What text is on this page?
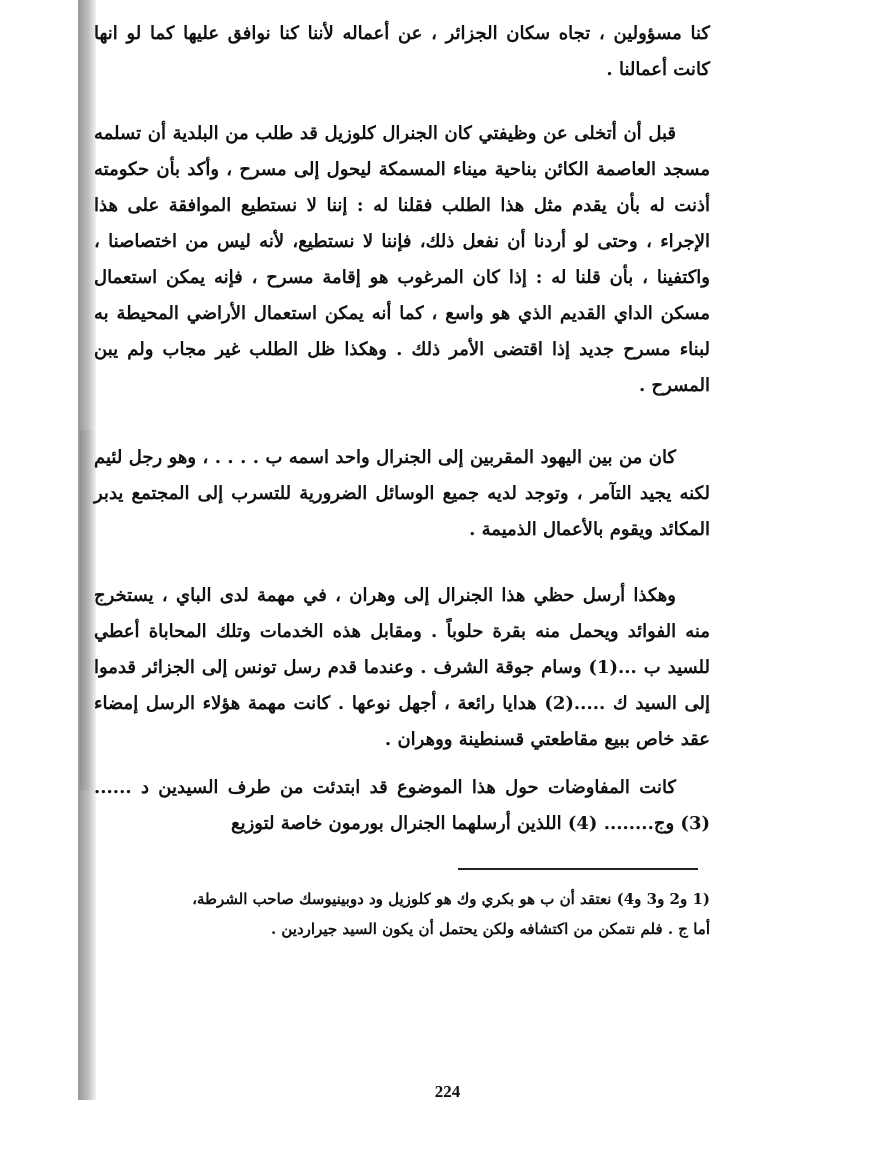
كنا مسؤولين ، تجاه سكان الجزائر ، عن أعماله لأننا كنا نوافق عليها كما لو انها كانت أعمالنا .

قبل أن أتخلى عن وظيفتي كان الجنرال كلوزيل قد طلب من البلدية أن تسلمه مسجد العاصمة الكائن بناحية ميناء المسمكة ليحول إلى مسرح ، وأكد بأن حكومته أذنت له بأن يقدم مثل هذا الطلب فقلنا له : إننا لا نستطيع الموافقة على هذا الإجراء ، وحتى لو أردنا أن نفعل ذلك، فإننا لا نستطيع، لأنه ليس من اختصاصنا ، واكتفينا ، بأن قلنا له : إذا كان المرغوب هو إقامة مسرح ، فإنه يمكن استعمال مسكن الداي القديم الذي هو واسع ، كما أنه يمكن استعمال الأراضي المحيطة به لبناء مسرح جديد إذا اقتضى الأمر ذلك . وهكذا ظل الطلب غير مجاب ولم يبن المسرح .

كان من بين اليهود المقربين إلى الجنرال واحد اسمه ب . . . . ، وهو رجل لئيم لكنه يجيد التآمر ، وتوجد لديه جميع الوسائل الضرورية للتسرب إلى المجتمع يدبر المكائد ويقوم بالأعمال الذميمة .

وهكذا أرسل حظي هذا الجنرال إلى وهران ، في مهمة لدى الباي ، يستخرج منه الفوائد ويحمل منه بقرة حلوباً . ومقابل هذه الخدمات وتلك المحاباة أعطي للسيد ب ...(1) وسام جوقة الشرف . وعندما قدم رسل تونس إلى الجزائر قدموا إلى السيد ك .....(2) هدايا رائعة ، أجهل نوعها . كانت مهمة هؤلاء الرسل إمضاء عقد خاص ببيع مقاطعتي قسنطينة ووهران .

كانت المفاوضات حول هذا الموضوع قد ابتدئت من طرف السيدين د ...... (3) وج........ (4) اللذين أرسلهما الجنرال بورمون خاصة لتوزيع

(1 و2 و3 و4) نعتقد أن ب هو بكري وك هو كلوزيل ود دوبينيوسك صاحب الشرطة،

أما ج . فلم نتمكن من اكتشافه ولكن يحتمل أن يكون السيد جيراردين .

224
